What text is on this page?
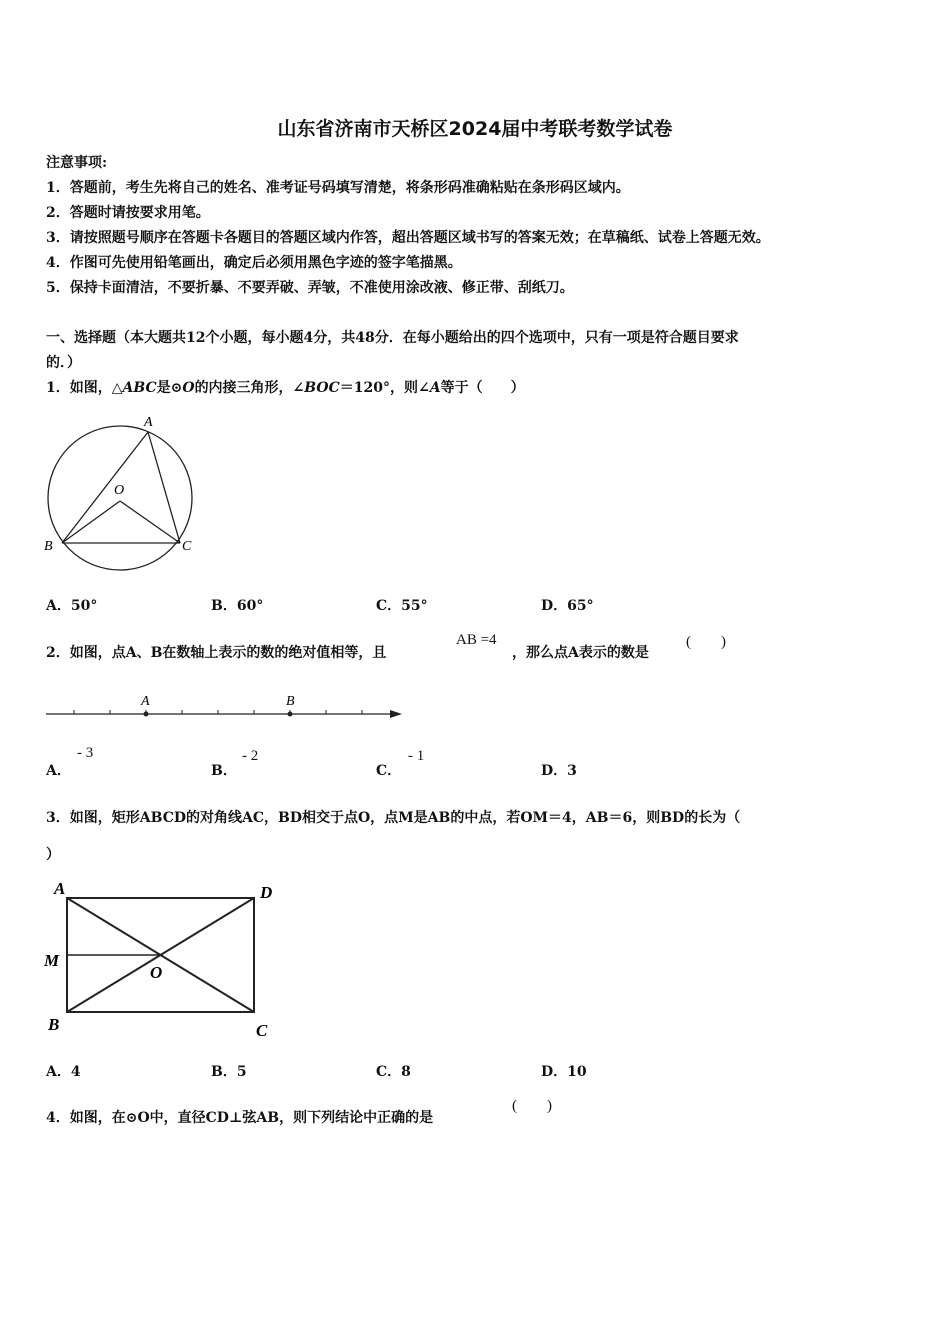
山东省济南市天桥区2024届中考联考数学试卷
注意事项:
1．答题前，考生先将自己的姓名、准考证号码填写清楚，将条形码准确粘贴在条形码区域内。
2．答题时请按要求用笔。
3．请按照题号顺序在答题卡各题目的答题区域内作答，超出答题区域书写的答案无效；在草稿纸、试卷上答题无效。
4．作图可先使用铅笔画出，确定后必须用黑色字迹的签字笔描黑。
5．保持卡面清洁，不要折暴、不要弄破、弄皱，不准使用涂改液、修正带、刮纸刀。
一、选择题（本大题共12个小题，每小题4分，共48分．在每小题给出的四个选项中，只有一项是符合题目要求
的．）
1．如图，△ABC是⊙O的内接三角形，∠BOC＝120°，则∠A等于（　　）
A
O
B	C
A．50°	B．60°	C．55°	D．65°
2．如图，点A、B在数轴上表示的数的绝对值相等，且
AB =4
，那么点A表示的数是
(　　)
A	B
A．
- 3
B．
- 2
C．
- 1
D．3
3．如图，矩形ABCD的对角线AC，BD相交于点O，点M是AB的中点，若OM＝4，AB＝6，则BD的长为（
）
A	D
M
O
B	C
A．4	B．5	C．8	D．10
4．如图，在⊙O中，直径CD⊥弦AB，则下列结论中正确的是
(　　)
